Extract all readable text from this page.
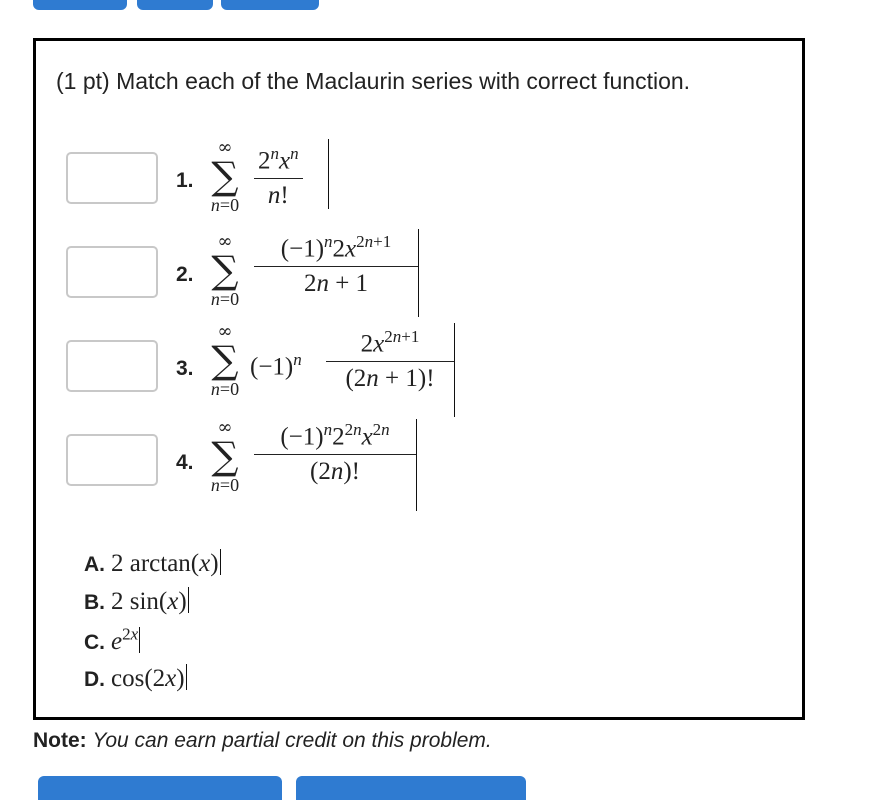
(1 pt) Match each of the Maclaurin series with correct function.
1.
∞
∑
n=0
$2^nx^n$
n!
2.
∞
∑
$n=0 \frac{(-1)^n2x^{2n+1}}{2n + 1}$
3.
∞
∑
n=0
$(-1)^n \frac{2x^{2n+1}}{(2n + 1)!}$
4.
∞
∑
$n=0 \frac{(-1)^n2^{2n}x^{2n}}{(2n)!}$
A. 2 arctan(x)
B. 2 sin(x)
C. $e^{2x}$
D. cos(2x)
Note: You can earn partial credit on this problem.
